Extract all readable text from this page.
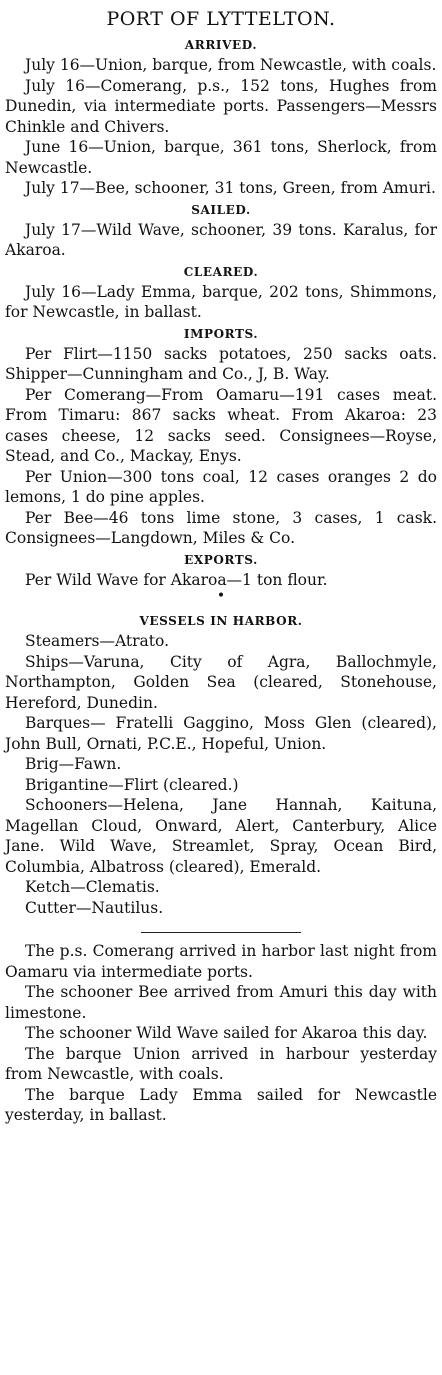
PORT OF LYTTELTON.
ARRIVED.

July 16—Union, barque, from Newcastle, with coals.

July 16—Comerang, p.s., 152 tons, Hughes from Dunedin, via intermediate ports. Passengers—Messrs Chinkle and Chivers.

June 16—Union, barque, 361 tons, Sherlock, from Newcastle.

July 17—Bee, schooner, 31 tons, Green, from Amuri.

SAILED.

July 17—Wild Wave, schooner, 39 tons. Karalus, for Akaroa.

CLEARED.

July 16—Lady Emma, barque, 202 tons, Shimmons, for Newcastle, in ballast.

IMPORTS.

Per Flirt—1150 sacks potatoes, 250 sacks oats. Shipper—Cunningham and Co., J, B. Way.

Per Comerang—From Oamaru—191 cases meat. From Timaru: 867 sacks wheat. From Akaroa: 23 cases cheese, 12 sacks seed. Consignees—Royse, Stead, and Co., Mackay, Enys.

Per Union—300 tons coal, 12 cases oranges 2 do lemons, 1 do pine apples.

Per Bee—46 tons lime stone, 3 cases, 1 cask. Consignees—Langdown, Miles & Co.

EXPORTS.

Per Wild Wave for Akaroa—1 ton flour.

•

VESSELS IN HARBOR.

Steamers—Atrato.

Ships—Varuna, City of Agra, Ballochmyle, Northampton, Golden Sea (cleared, Stonehouse, Hereford, Dunedin.

Barques— Fratelli Gaggino, Moss Glen (cleared), John Bull, Ornati, P.C.E., Hopeful, Union.

Brig—Fawn.

Brigantine—Flirt (cleared.)

Schooners—Helena, Jane Hannah, Kaitunа, Magellan Cloud, Onward, Alert, Canterbury, Alice Jane. Wild Wave, Streamlet, Spray, Ocean Bird, Columbia, Albatross (cleared), Emerald.

Ketch—Clematis.

Cutter—Nautilus.

The p.s. Comerang arrived in harbor last night from Oamaru via intermediate ports.

The schooner Bee arrived from Amuri this day with limestone.

The schooner Wild Wave sailed for Akaroa this day.

The barque Union arrived in harbour yesterday from Newcastle, with coals.

The barque Lady Emma sailed for Newcastle yesterday, in ballast.
